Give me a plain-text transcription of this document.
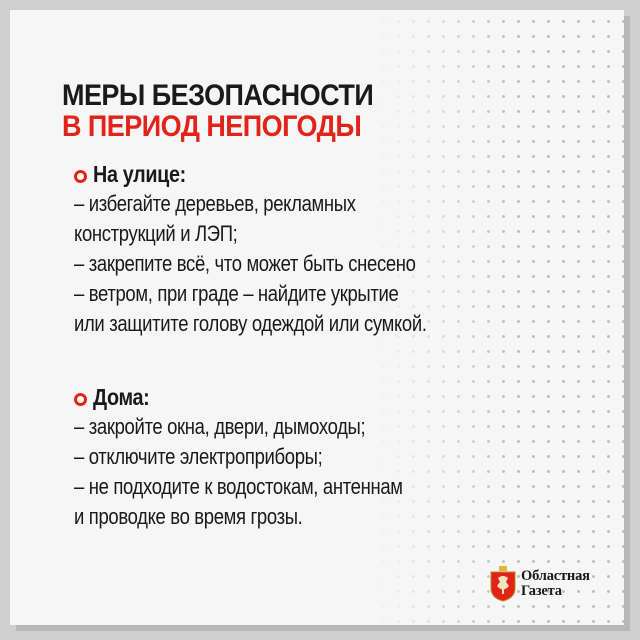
МЕРЫ БЕЗОПАСНОСТИ
В ПЕРИОД НЕПОГОДЫ
На улице:
– избегайте деревьев, рекламных
конструкций и ЛЭП;
– закрепите всё, что может быть снесено
– ветром, при граде – найдите укрытие
или защитите голову одеждой или сумкой.
Дома:
– закройте окна, двери, дымоходы;
– отключите электроприборы;
– не подходите к водостокам, антеннам
и проводке во время грозы.
Областная
Газета
